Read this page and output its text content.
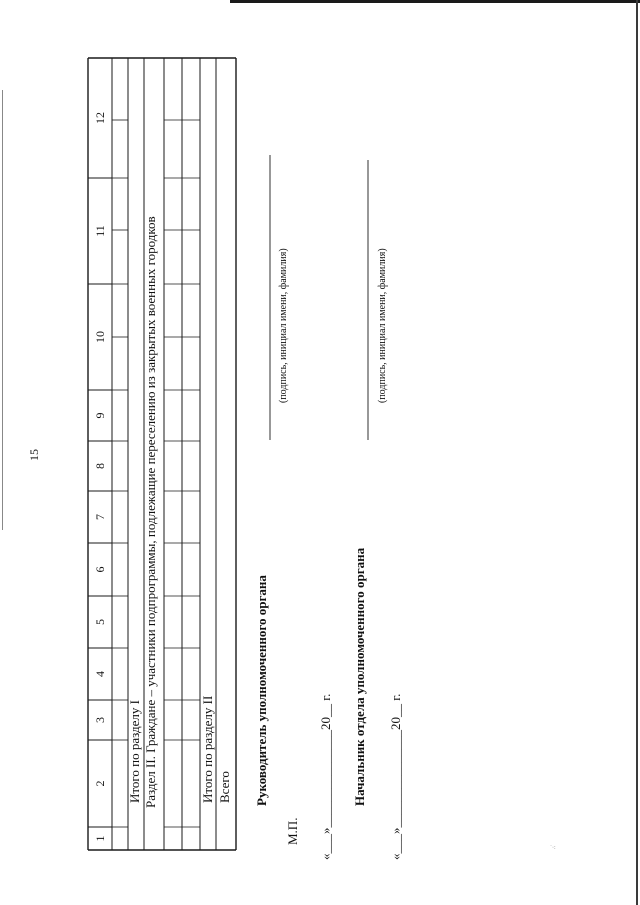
15
1
2
3
4
5
6
7
8
9
10
11
12
Итого по разделу I Раздел II. Граждане – участники подпрограммы, подлежащие переселению из закрытых военных городков	Итого по разделу II Всего Руководитель уполномоченного органа
(подпись, инициал имени, фамилия)
М.П. «___»_______________20__ г. Начальник отдела уполномоченного органа
(подпись, инициал имени, фамилия)
«___»_______________20__ г.	˙·:
